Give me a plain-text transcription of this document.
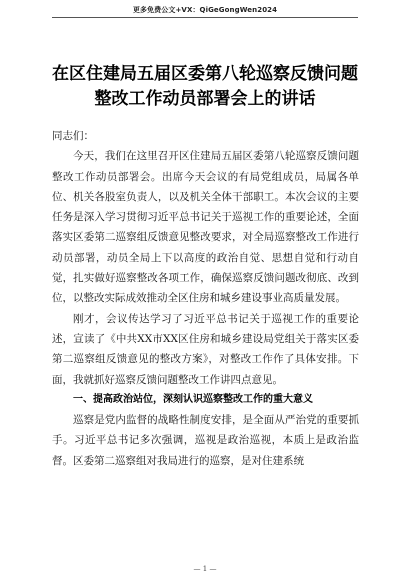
更多免费公文+VX：QiGeGongWen2024
在区住建局五届区委第八轮巡察反馈问题
整改工作动员部署会上的讲话

同志们：

今天，我们在这里召开区住建局五届区委第八轮巡察反馈问题整改工作动员部署会。出席今天会议的有局党组成员，局属各单位、机关各股室负责人，以及机关全体干部职工。本次会议的主要任务是深入学习贯彻习近平总书记关于巡视工作的重要论述，全面落实区委第二巡察组反馈意见整改要求，对全局巡察整改工作进行动员部署，动员全局上下以高度的政治自觉、思想自觉和行动自觉，扎实做好巡察整改各项工作，确保巡察反馈问题改彻底、改到位，以整改实际成效推动全区住房和城乡建设事业高质量发展。

刚才，会议传达学习了习近平总书记关于巡视工作的重要论述，宣读了《中共XX市XX区住房和城乡建设局党组关于落实区委第二巡察组反馈意见的整改方案》，对整改工作作了具体安排。下面，我就抓好巡察反馈问题整改工作讲四点意见。

一、提高政治站位，深刻认识巡察整改工作的重大意义

巡察是党内监督的战略性制度安排，是全面从严治党的重要抓手。习近平总书记多次强调，巡视是政治巡视，本质上是政治监督。区委第二巡察组对我局进行的巡察，是对住建系统

— 1 —
